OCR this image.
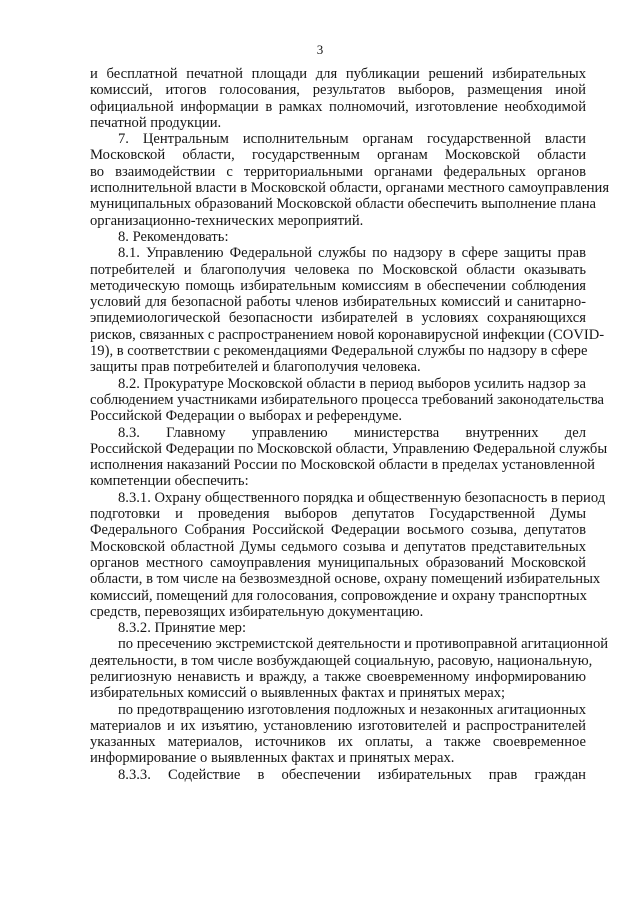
3
и бесплатной печатной площади для публикации решений избирательных
комиссий, итогов голосования, результатов выборов, размещения иной
официальной информации в рамках полномочий, изготовление необходимой
печатной продукции.
7. Центральным исполнительным органам государственной власти
Московской области, государственным органам Московской области
во взаимодействии с территориальными органами федеральных органов
исполнительной власти в Московской области, органами местного самоуправления
муниципальных образований Московской области обеспечить выполнение плана
организационно-технических мероприятий.
8. Рекомендовать:
8.1. Управлению Федеральной службы по надзору в сфере защиты прав
потребителей и благополучия человека по Московской области оказывать
методическую помощь избирательным комиссиям в обеспечении соблюдения
условий для безопасной работы членов избирательных комиссий и санитарно-
эпидемиологической безопасности избирателей в условиях сохраняющихся
рисков, связанных с распространением новой коронавирусной инфекции (COVID-
19), в соответствии с рекомендациями Федеральной службы по надзору в сфере
защиты прав потребителей и благополучия человека.
8.2. Прокуратуре Московской области в период выборов усилить надзор за
соблюдением участниками избирательного процесса требований законодательства
Российской Федерации о выборах и референдуме.
8.3. Главному управлению министерства внутренних дел
Российской Федерации по Московской области, Управлению Федеральной службы
исполнения наказаний России по Московской области в пределах установленной
компетенции обеспечить:
8.3.1. Охрану общественного порядка и общественную безопасность в период
подготовки и проведения выборов депутатов Государственной Думы
Федерального Собрания Российской Федерации восьмого созыва, депутатов
Московской областной Думы седьмого созыва и депутатов представительных
органов местного самоуправления муниципальных образований Московской
области, в том числе на безвозмездной основе, охрану помещений избирательных
комиссий, помещений для голосования, сопровождение и охрану транспортных
средств, перевозящих избирательную документацию.
8.3.2. Принятие мер:
по пресечению экстремистской деятельности и противоправной агитационной
деятельности, в том числе возбуждающей социальную, расовую, национальную,
религиозную ненависть и вражду, а также своевременному информированию
избирательных комиссий о выявленных фактах и принятых мерах;
по предотвращению изготовления подложных и незаконных агитационных
материалов и их изъятию, установлению изготовителей и распространителей
указанных материалов, источников их оплаты, а также своевременное
информирование о выявленных фактах и принятых мерах.
8.3.3. Содействие в обеспечении избирательных прав граждан
